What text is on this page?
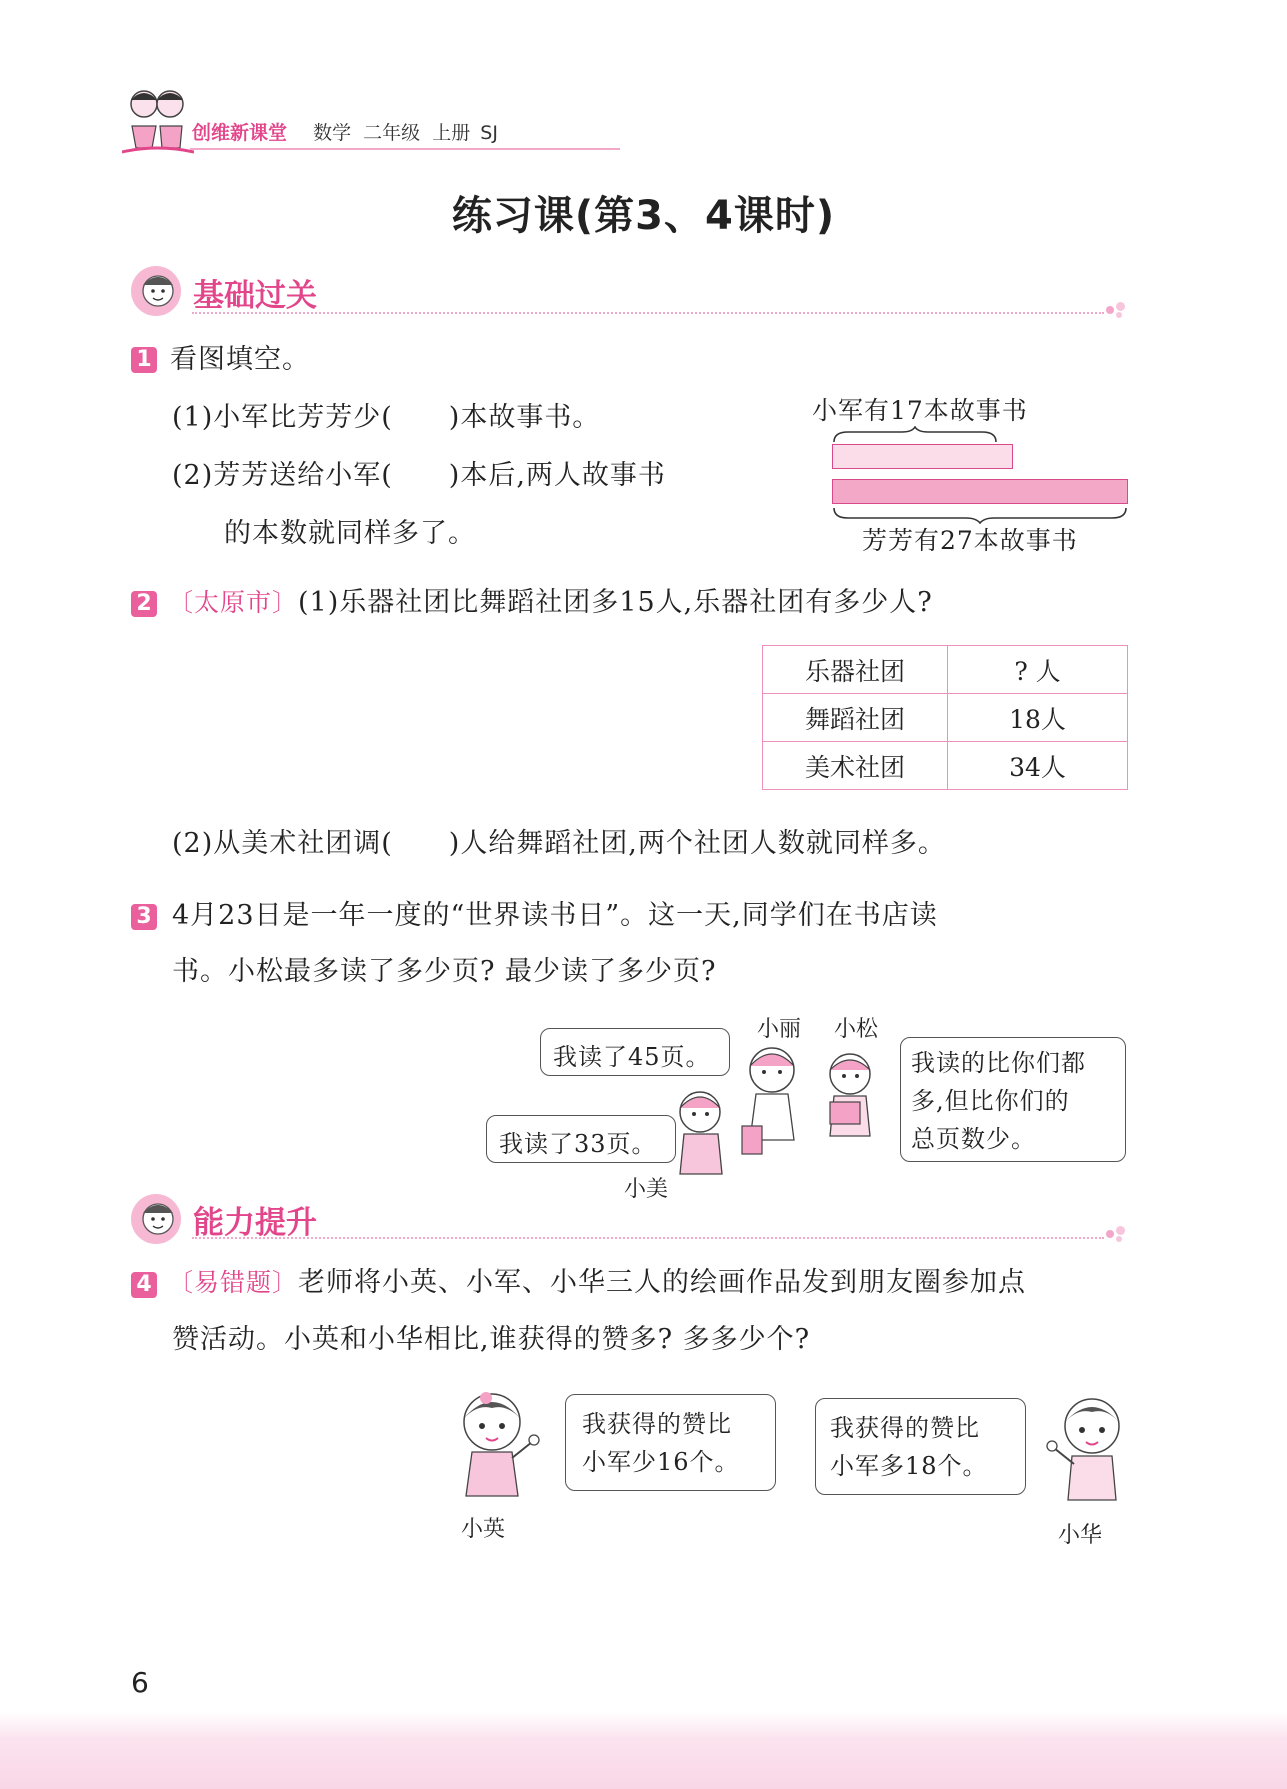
创维新课堂 数学 二年级 上册 SJ
练习课(第3、4课时)
基础过关
1 看图填空。
(1)小军比芳芳少(　　)本故事书。
(2)芳芳送给小军(　　)本后,两人故事书
的本数就同样多了。
小军有17本故事书
芳芳有27本故事书
2 〔太原市〕(1)乐器社团比舞蹈社团多15人,乐器社团有多少人?
乐器社团	? 人
舞蹈社团	18人
美术社团	34人
(2)从美术社团调(　　)人给舞蹈社团,两个社团人数就同样多。
3 4月23日是一年一度的“世界读书日”。这一天,同学们在书店读
书。小松最多读了多少页? 最少读了多少页?
我读了45页。
我读了33页。
我读的比你们都
多,但比你们的
总页数少。
小丽 小松
小美
能力提升
4 〔易错题〕老师将小英、小军、小华三人的绘画作品发到朋友圈参加点
赞活动。小英和小华相比,谁获得的赞多? 多多少个?
小英
我获得的赞比
小军少16个。
我获得的赞比
小军多18个。
小华
6
